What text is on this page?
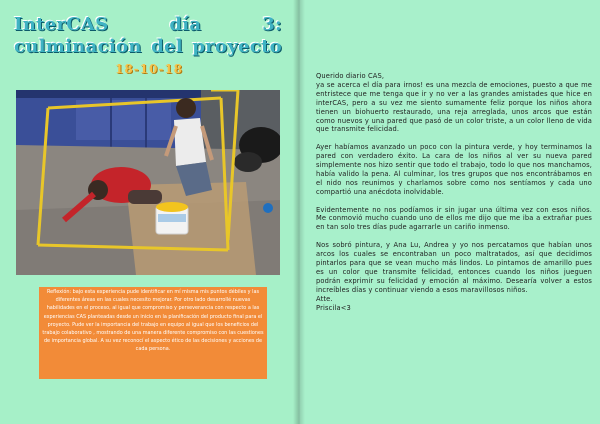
InterCAS día 3: culminación del proyecto
18-10-18
Reflexión: bajo esta experiencia pude identificar en mí misma mis puntos débiles y las diferentes áreas en las cuales necesito mejorar. Por otro lado desarrollé nuevas habilidades en el proceso, al igual que compromiso y perseverancia con respecto a las experiencias CAS planteadas desde un inicio en la planificación del producto final para el proyecto. Pude ver la importancia del trabajo en equipo al igual que los beneficios del trabajo colaborativo , mostrando de una manera diferente compromiso con las cuestiones de importancia global. A su vez reconocí el aspecto ético de las decisiones y acciones de cada persona.
Querido diario CAS,

ya se acerca el día para irnos! es una mezcla de emociones, puesto a que me entristece que me tenga que ir y no ver a las grandes amistades que hice en interCAS, pero a su vez me siento sumamente feliz porque los niños ahora tienen un biohuerto restaurado, una reja arreglada, unos arcos que están como nuevos y una pared que pasó de un color triste, a un color lleno de vida que transmite felicidad.

Ayer habíamos avanzado un poco con la pintura verde, y hoy terminamos la pared con verdadero éxito. La cara de los niños al ver su nueva pared simplemente nos hizo sentir que todo el trabajo, todo lo que nos manchamos, había valido la pena. Al culminar, los tres grupos que nos encontrábamos en el nido nos reunimos y charlamos sobre como nos sentíamos y cada uno compartió una anécdota inolvidable.

Evidentemente no nos podíamos ir sin jugar una última vez con esos niños. Me conmovió mucho cuando uno de ellos me dijo que me iba a extrañar pues en tan solo tres días pude agarrarle un cariño inmenso.

Nos sobró pintura, y Ana Lu, Andrea y yo nos percatamos que habían unos arcos los cuales se encontraban un poco maltratados, así que decidimos pintarlos para que se vean mucho más lindos. Lo pintamos de amarillo pues es un color que transmite felicidad, entonces cuando los niños jueguen podrán exprimir su felicidad y emoción al máximo. Desearía volver a estos increíbles días y continuar viendo a esos maravillosos niños.

Atte.
Priscila<3
